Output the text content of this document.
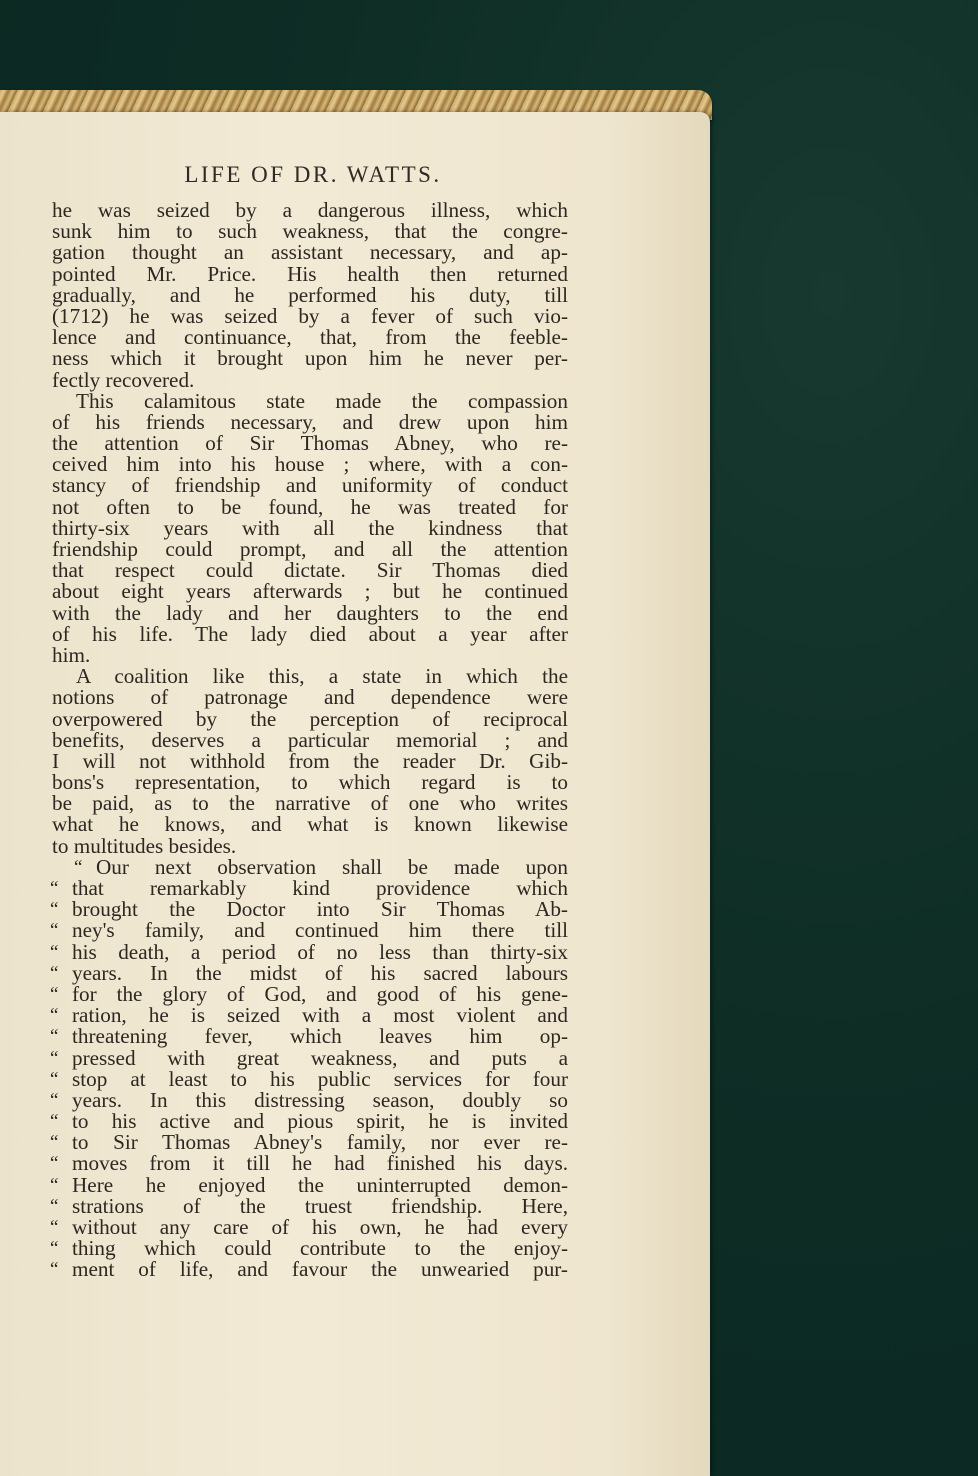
LIFE OF DR. WATTS.

he was seized by a dangerous illness, which

sunk him to such weakness, that the congre-

gation thought an assistant necessary, and ap-

pointed Mr. Price. His health then returned

gradually, and he performed his duty, till

(1712) he was seized by a fever of such vio-

lence and continuance, that, from the feeble-

ness which it brought upon him he never per-

fectly recovered.

This calamitous state made the compassion

of his friends necessary, and drew upon him

the attention of Sir Thomas Abney, who re-

ceived him into his house ; where, with a con-

stancy of friendship and uniformity of conduct

not often to be found, he was treated for

thirty-six years with all the kindness that

friendship could prompt, and all the attention

that respect could dictate. Sir Thomas died

about eight years afterwards ; but he continued

with the lady and her daughters to the end

of his life. The lady died about a year after

him.

A coalition like this, a state in which the

notions of patronage and dependence were

overpowered by the perception of reciprocal

benefits, deserves a particular memorial ; and

I will not withhold from the reader Dr. Gib-

bons's representation, to which regard is to

be paid, as to the narrative of one who writes

what he knows, and what is known likewise

to multitudes besides.

“ Our next observation shall be made upon

“ that remarkably kind providence which

“ brought the Doctor into Sir Thomas Ab-

“ ney's family, and continued him there till

“ his death, a period of no less than thirty-six

“ years. In the midst of his sacred labours

“ for the glory of God, and good of his gene-

“ ration, he is seized with a most violent and

“ threatening fever, which leaves him op-

“ pressed with great weakness, and puts a

“ stop at least to his public services for four

“ years. In this distressing season, doubly so

“ to his active and pious spirit, he is invited

“ to Sir Thomas Abney's family, nor ever re-

“ moves from it till he had finished his days.

“ Here he enjoyed the uninterrupted demon-

“ strations of the truest friendship. Here,

“ without any care of his own, he had every

“ thing which could contribute to the enjoy-

“ ment of life, and favour the unwearied pur-
